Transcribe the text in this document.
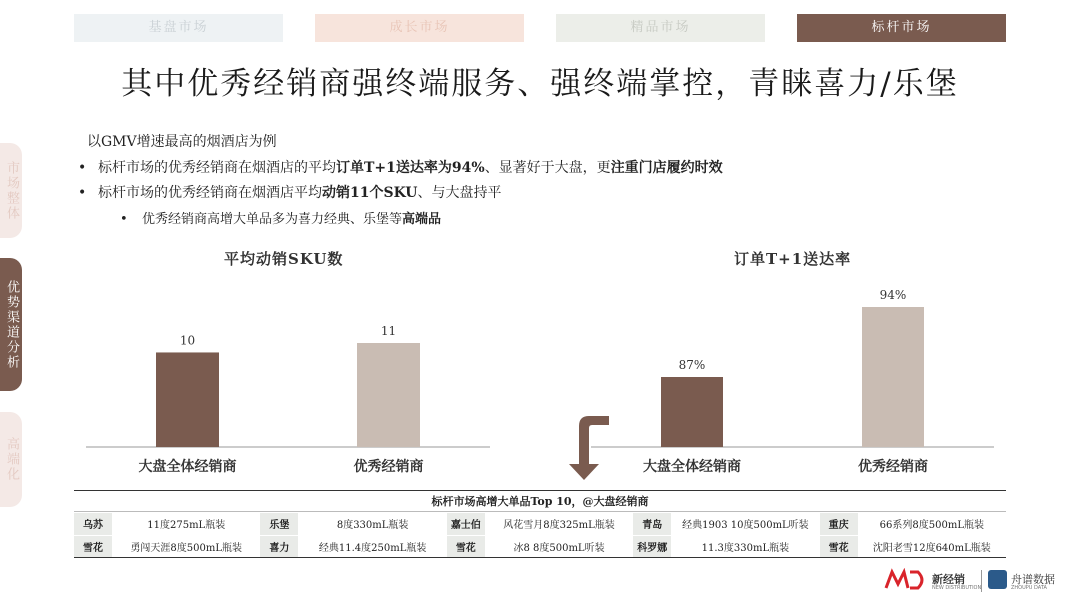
基盘市场	成长市场	精品市场	标杆市场
其中优秀经销商强终端服务、强终端掌控，青睐喜力/乐堡
市场整体
优势渠道分析
高端化
以GMV增速最高的烟酒店为例
• 标杆市场的优秀经销商在烟酒店的平均订单T+1送达率为94%、显著好于大盘，更注重门店履约时效
• 标杆市场的优秀经销商在烟酒店平均动销11个SKU、与大盘持平
• 优秀经销商高增大单品多为喜力经典、乐堡等高端品
平均动销SKU数	订单T+1送达率
10
大盘全体经销商
11
优秀经销商
87%
大盘全体经销商
94%
优秀经销商
标杆市场高增大单品Top 10，@大盘经销商
乌苏	11度275mL瓶装	乐堡	8度330mL瓶装	嘉士伯	风花雪月8度325mL瓶装	青岛	经典1903 10度500mL听装	重庆	66系列8度500mL瓶装
雪花	勇闯天涯8度500mL瓶装	喜力	经典11.4度250mL瓶装	雪花	冰8 8度500mL听装	科罗娜	11.3度330mL瓶装	雪花	沈阳老雪12度640mL瓶装
新经销
NEW DISTRIBUTION
舟谱数据
ZHOUPU DATA
